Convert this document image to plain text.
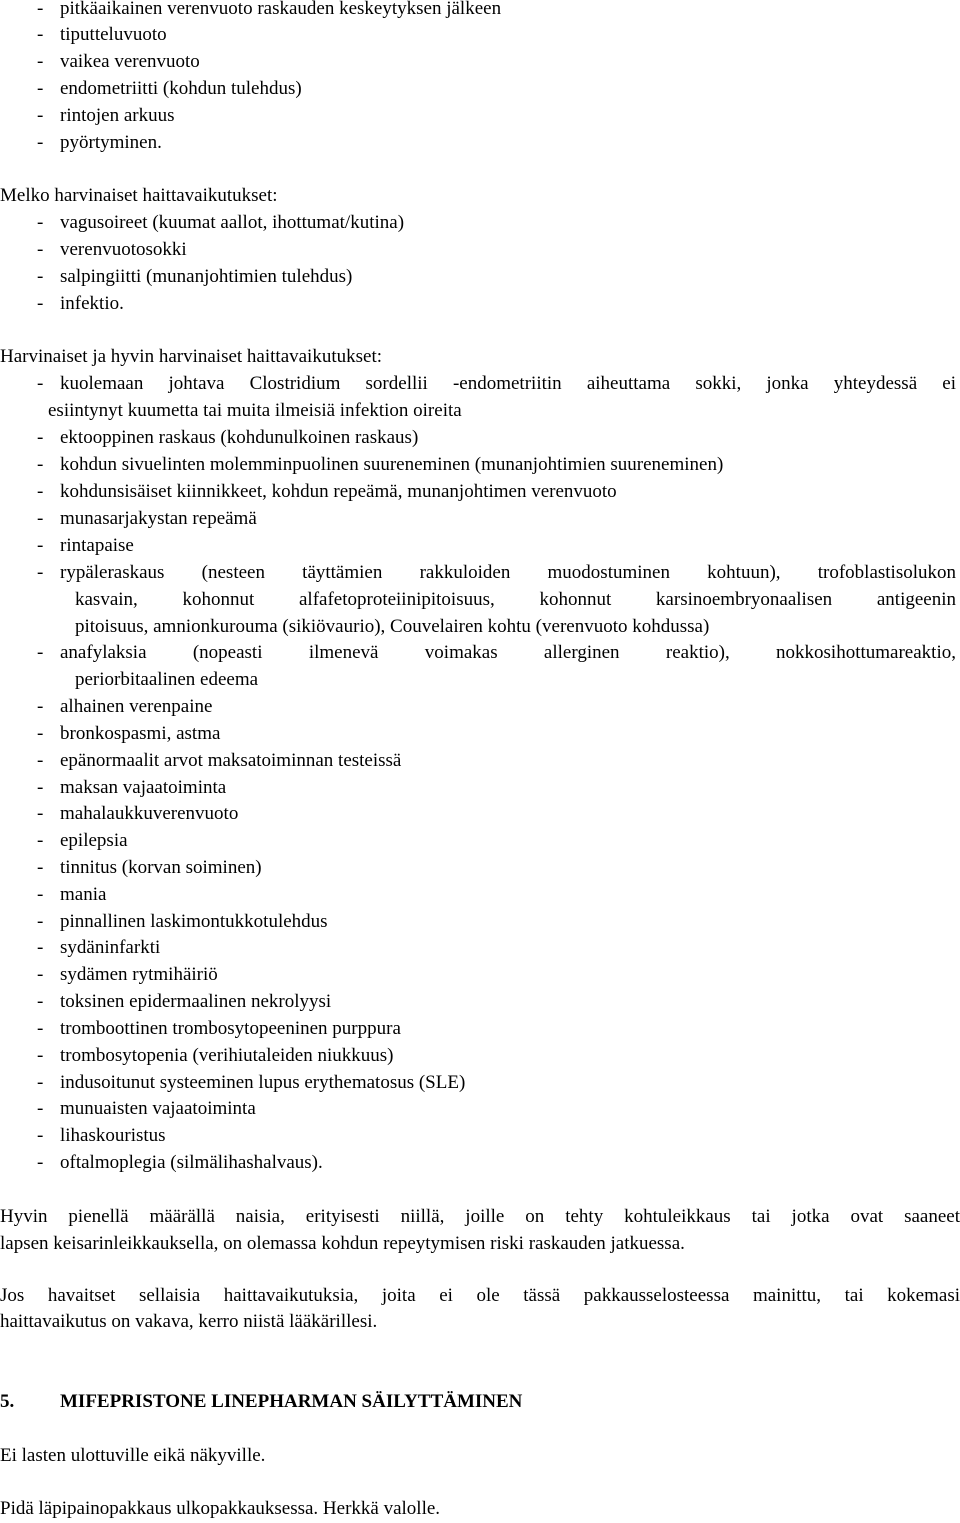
- pitkäaikainen verenvuoto raskauden keskeytyksen jälkeen
- tiputteluvuoto
- vaikea verenvuoto
- endometriitti (kohdun tulehdus)
- rintojen arkuus
- pyörtyminen.
Melko harvinaiset haittavaikutukset:
- vagusoireet (kuumat aallot, ihottumat/kutina)
- verenvuotosokki
- salpingiitti (munanjohtimien tulehdus)
- infektio.
Harvinaiset ja hyvin harvinaiset haittavaikutukset:
- kuolemaan johtava Clostridium sordellii -endometriitin aiheuttama sokki, jonka yhteydessä ei
esiintynyt kuumetta tai muita ilmeisiä infektion oireita
- ektooppinen raskaus (kohdunulkoinen raskaus)
- kohdun sivuelinten molemminpuolinen suureneminen (munanjohtimien suureneminen)
- kohdunsisäiset kiinnikkeet, kohdun repeämä, munanjohtimen verenvuoto
- munasarjakystan repeämä
- rintapaise
- rypäleraskaus (nesteen täyttämien rakkuloiden muodostuminen kohtuun), trofoblastisolukon
kasvain, kohonnut alfafetoproteiinipitoisuus, kohonnut karsinoembryonaalisen antigeenin
pitoisuus, amnionkurouma (sikiövaurio), Couvelairen kohtu (verenvuoto kohdussa)
- anafylaksia (nopeasti ilmenevä voimakas allerginen reaktio), nokkosihottumareaktio,
periorbitaalinen edeema
- alhainen verenpaine
- bronkospasmi, astma
- epänormaalit arvot maksatoiminnan testeissä
- maksan vajaatoiminta
- mahalaukkuverenvuoto
- epilepsia
- tinnitus (korvan soiminen)
- mania
- pinnallinen laskimontukkotulehdus
- sydäninfarkti
- sydämen rytmihäiriö
- toksinen epidermaalinen nekrolyysi
- tromboottinen trombosytopeeninen purppura
- trombosytopenia (verihiutaleiden niukkuus)
- indusoitunut systeeminen lupus erythematosus (SLE)
- munuaisten vajaatoiminta
- lihaskouristus
- oftalmoplegia (silmälihashalvaus).
Hyvin pienellä määrällä naisia, erityisesti niillä, joille on tehty kohtuleikkaus tai jotka ovat saaneet
lapsen keisarinleikkauksella, on olemassa kohdun repeytymisen riski raskauden jatkuessa.
Jos havaitset sellaisia haittavaikutuksia, joita ei ole tässä pakkausselosteessa mainittu, tai kokemasi
haittavaikutus on vakava, kerro niistä lääkärillesi.
5. MIFEPRISTONE LINEPHARMAN SÄILYTTÄMINEN
Ei lasten ulottuville eikä näkyville.
Pidä läpipainopakkaus ulkopakkauksessa. Herkkä valolle.
